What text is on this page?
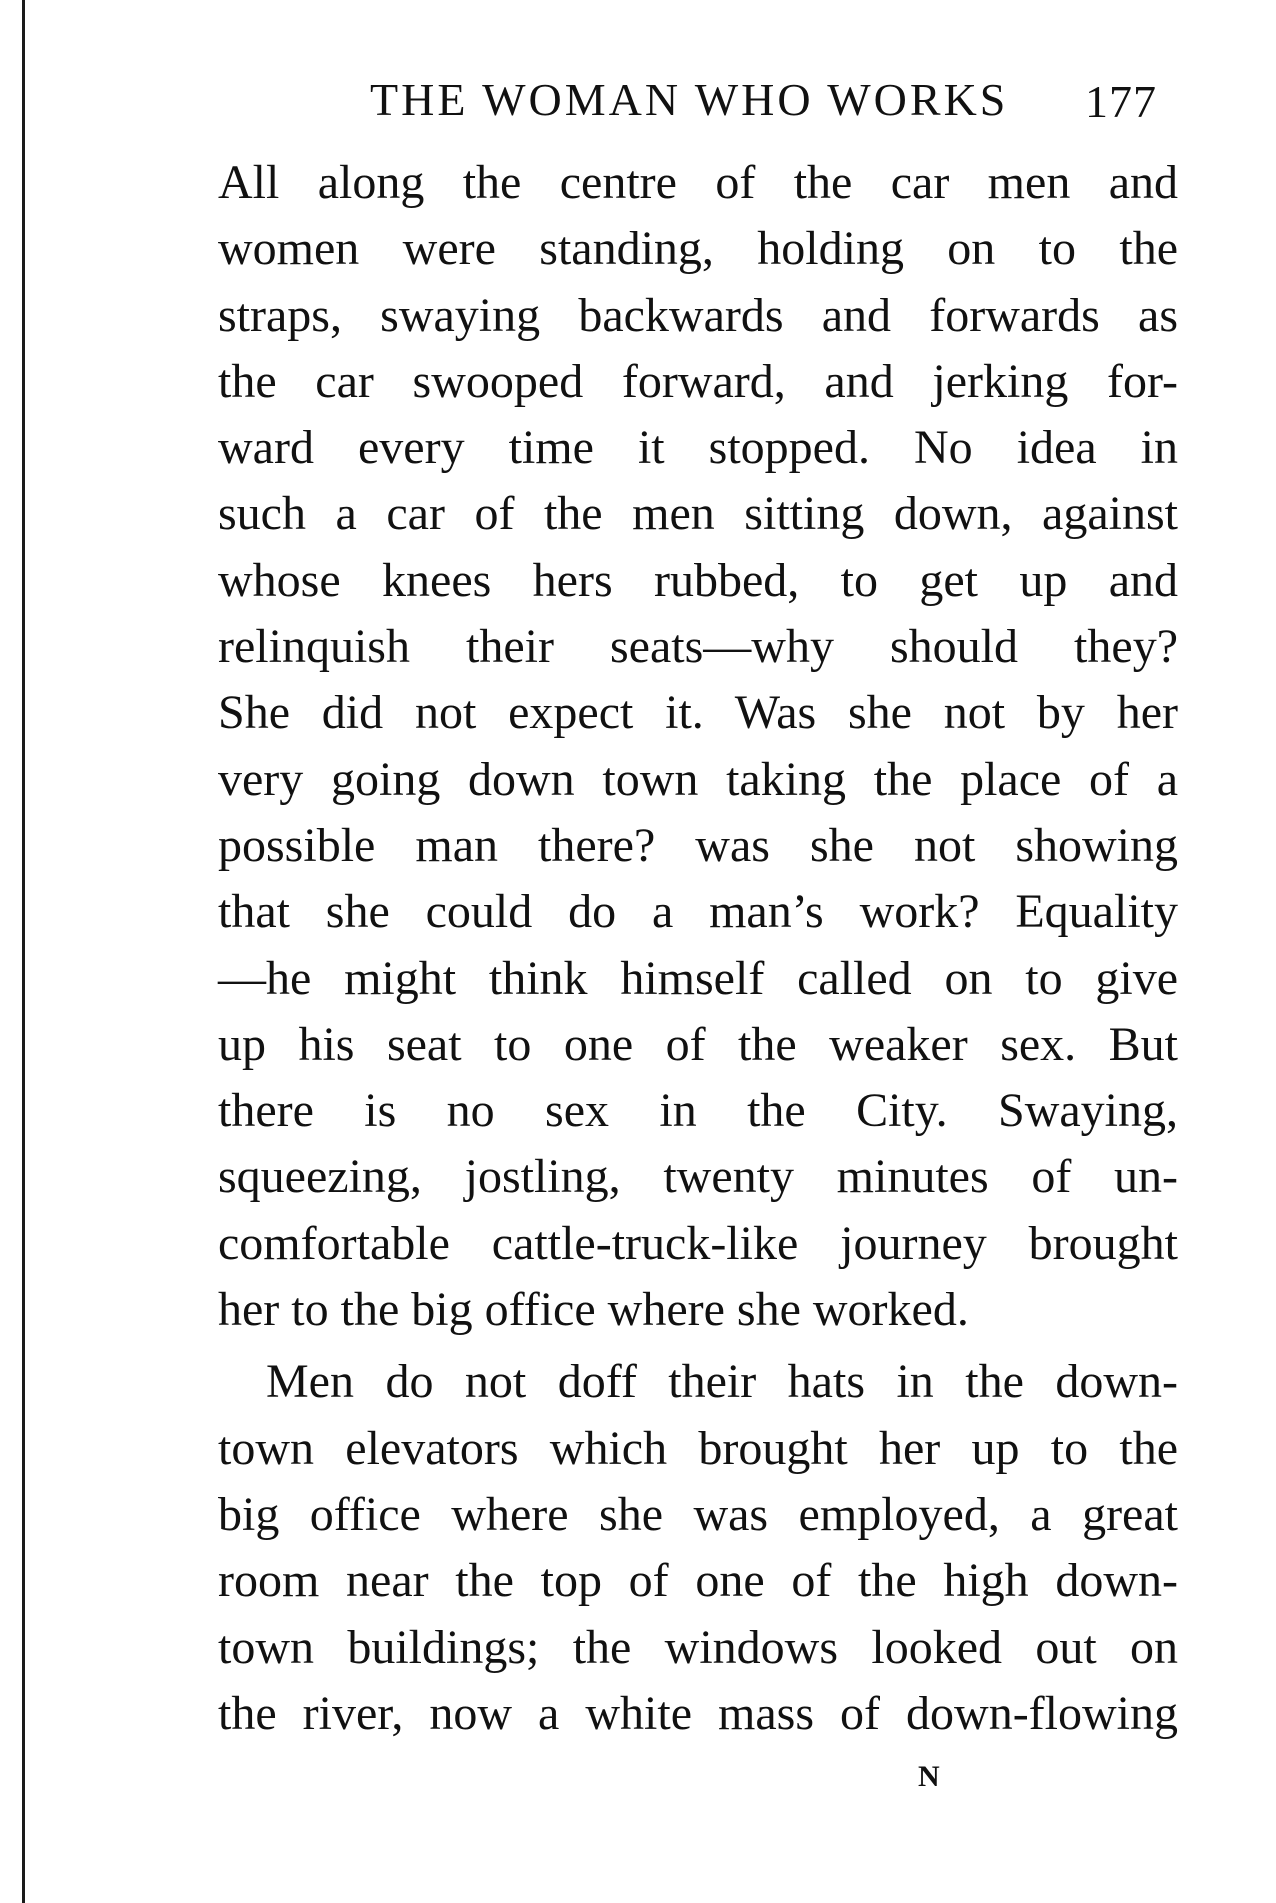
THE WOMAN WHO WORKS 177

All along the centre of the car men and
women were standing, holding on to the
straps, swaying backwards and forwards as
the car swooped forward, and jerking for-
ward every time it stopped. No idea in
such a car of the men sitting down, against
whose knees hers rubbed, to get up and
relinquish their seats—why should they?
She did not expect it. Was she not by her
very going down town taking the place of a
possible man there? was she not showing
that she could do a man’s work? Equality
—he might think himself called on to give
up his seat to one of the weaker sex. But
there is no sex in the City. Swaying,
squeezing, jostling, twenty minutes of un-
comfortable cattle-truck-like journey brought
her to the big office where she worked.

Men do not doff their hats in the down-
town elevators which brought her up to the
big office where she was employed, a great
room near the top of one of the high down-
town buildings; the windows looked out on
the river, now a white mass of down-flowing

N
